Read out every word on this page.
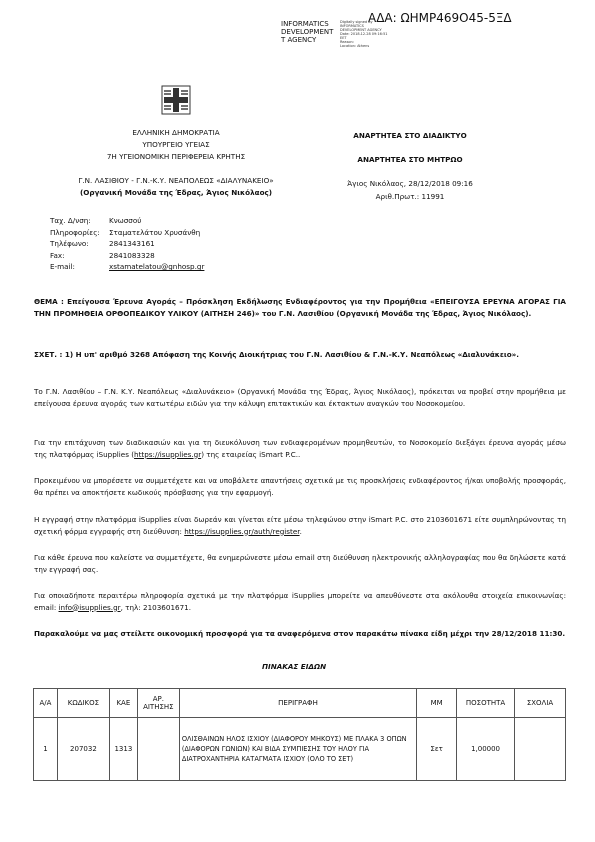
ΑΔΑ: ΩΗΜΡ469Ο45-5ΞΔ
INFORMATICS
DEVELOPMENT
T AGENCY
Digitally signed by
INFORMATICS
DEVELOPMENT AGENCY
Date: 2018.12.28 09:16:51
EET
Reason:
Location: Athens
ΕΛΛΗΝΙΚΗ ΔΗΜΟΚΡΑΤΙΑ
ΥΠΟΥΡΓΕΙΟ ΥΓΕΙΑΣ
7Η ΥΓΕΙΟΝΟΜΙΚΗ ΠΕΡΙΦΕΡΕΙΑ ΚΡΗΤΗΣ
Γ.Ν. ΛΑΣΙΘΙΟΥ - Γ.Ν.-Κ.Υ. ΝΕΑΠΟΛΕΩΣ «ΔΙΑΛΥΝΑΚΕΙΟ»
(Οργανική Μονάδα της Έδρας, Άγιος Νικόλαος)
ΑΝΑΡΤΗΤΕΑ ΣΤΟ ΔΙΑΔΙΚΤΥΟ
ΑΝΑΡΤΗΤΕΑ ΣΤΟ ΜΗΤΡΩΟ
Άγιος Νικόλαος, 28/12/2018 09:16
Αριθ.Πρωτ.: 11991
Ταχ. Δ/νση:	Κνωσσού
Πληροφορίες: Σταματελάτου Χρυσάνθη
Τηλέφωνο:	2841343161
Fax:	2841083328
E-mail:	xstamatelatou@gnhosp.gr
ΘΕΜΑ : Επείγουσα Έρευνα Αγοράς – Πρόσκληση Εκδήλωσης Ενδιαφέροντος για την Προμήθεια «ΕΠΕΙΓΟΥΣΑ ΕΡΕΥΝΑ ΑΓΟΡΑΣ ΓΙΑ ΤΗΝ ΠΡΟΜΗΘΕΙΑ ΟΡΘΟΠΕΔΙΚΟΥ ΥΛΙΚΟΥ (ΑΙΤΗΣΗ 246)» του Γ.Ν. Λασιθίου (Οργανική Μονάδα της Έδρας, Άγιος Νικόλαος).
ΣΧΕΤ. : 1) Η υπ' αριθμό 3268 Απόφαση της Κοινής Διοικήτριας του Γ.Ν. Λασιθίου & Γ.Ν.-Κ.Υ. Νεαπόλεως «Διαλυνάκειο».
Το Γ.Ν. Λασιθίου – Γ.Ν. Κ.Υ. Νεαπόλεως «Διαλυνάκειο» (Οργανική Μονάδα της Έδρας, Άγιος Νικόλαος), πρόκειται να προβεί στην προμήθεια με επείγουσα έρευνα αγοράς των κατωτέρω ειδών για την κάλυψη επιτακτικών και έκτακτων αναγκών του Νοσοκομείου.
Για την επιτάχυνση των διαδικασιών και για τη διευκόλυνση των ενδιαφερομένων προμηθευτών, το Νοσοκομείο διεξάγει έρευνα αγοράς μέσω της πλατφόρμας iSupplies (https://isupplies.gr) της εταιρείας iSmart P.C..
Προκειμένου να μπορέσετε να συμμετέχετε και να υποβάλετε απαντήσεις σχετικά με τις προσκλήσεις ενδιαφέροντος ή/και υποβολής προσφοράς, θα πρέπει να αποκτήσετε κωδικούς πρόσβασης για την εφαρμογή.
Η εγγραφή στην πλατφόρμα iSupplies είναι δωρεάν και γίνεται είτε μέσω τηλεφώνου στην iSmart P.C. στο 2103601671 είτε συμπληρώνοντας τη σχετική φόρμα εγγραφής στη διεύθυνση: https://isupplies.gr/auth/register.
Για κάθε έρευνα που καλείστε να συμμετέχετε, θα ενημερώνεστε μέσω email στη διεύθυνση ηλεκτρονικής αλληλογραφίας που θα δηλώσετε κατά την εγγραφή σας.
Για οποιαδήποτε περαιτέρω πληροφορία σχετικά με την πλατφόρμα iSupplies μπορείτε να απευθύνεστε στα ακόλουθα στοιχεία επικοινωνίας: email: info@isupplies.gr, τηλ: 2103601671.
Παρακαλούμε να μας στείλετε οικονομική προσφορά για τα αναφερόμενα στον παρακάτω πίνακα είδη μέχρι την 28/12/2018 11:30.
ΠΙΝΑΚΑΣ ΕΙΔΩΝ
Α/Α	ΚΩΔΙΚΟΣ	ΚΑΕ	ΑΡ. ΑΙΤΗΣΗΣ	ΠΕΡΙΓΡΑΦΗ	ΜΜ	ΠΟΣΟΤΗΤΑ	ΣΧΟΛΙΑ
1	207032	1313		ΟΛΙΣΘΑΙΝΩΝ ΗΛΟΣ ΙΣΧΙΟΥ (ΔΙΑΦΟΡΟΥ ΜΗΚΟΥΣ) ΜΕ ΠΛΑΚΑ 3 ΟΠΩΝ (ΔΙΑΦΟΡΩΝ ΓΩΝΙΩΝ) ΚΑΙ ΒΙΔΑ ΣΥΜΠΙΕΣΗΣ ΤΟΥ ΗΛΟΥ ΓΙΑ ΔΙΑΤΡΟΧΑΝΤΗΡΙΑ ΚΑΤΑΓΜΑΤΑ ΙΣΧΙΟΥ (ΟΛΟ ΤΟ ΣΕΤ)	Σετ	1,00000	
